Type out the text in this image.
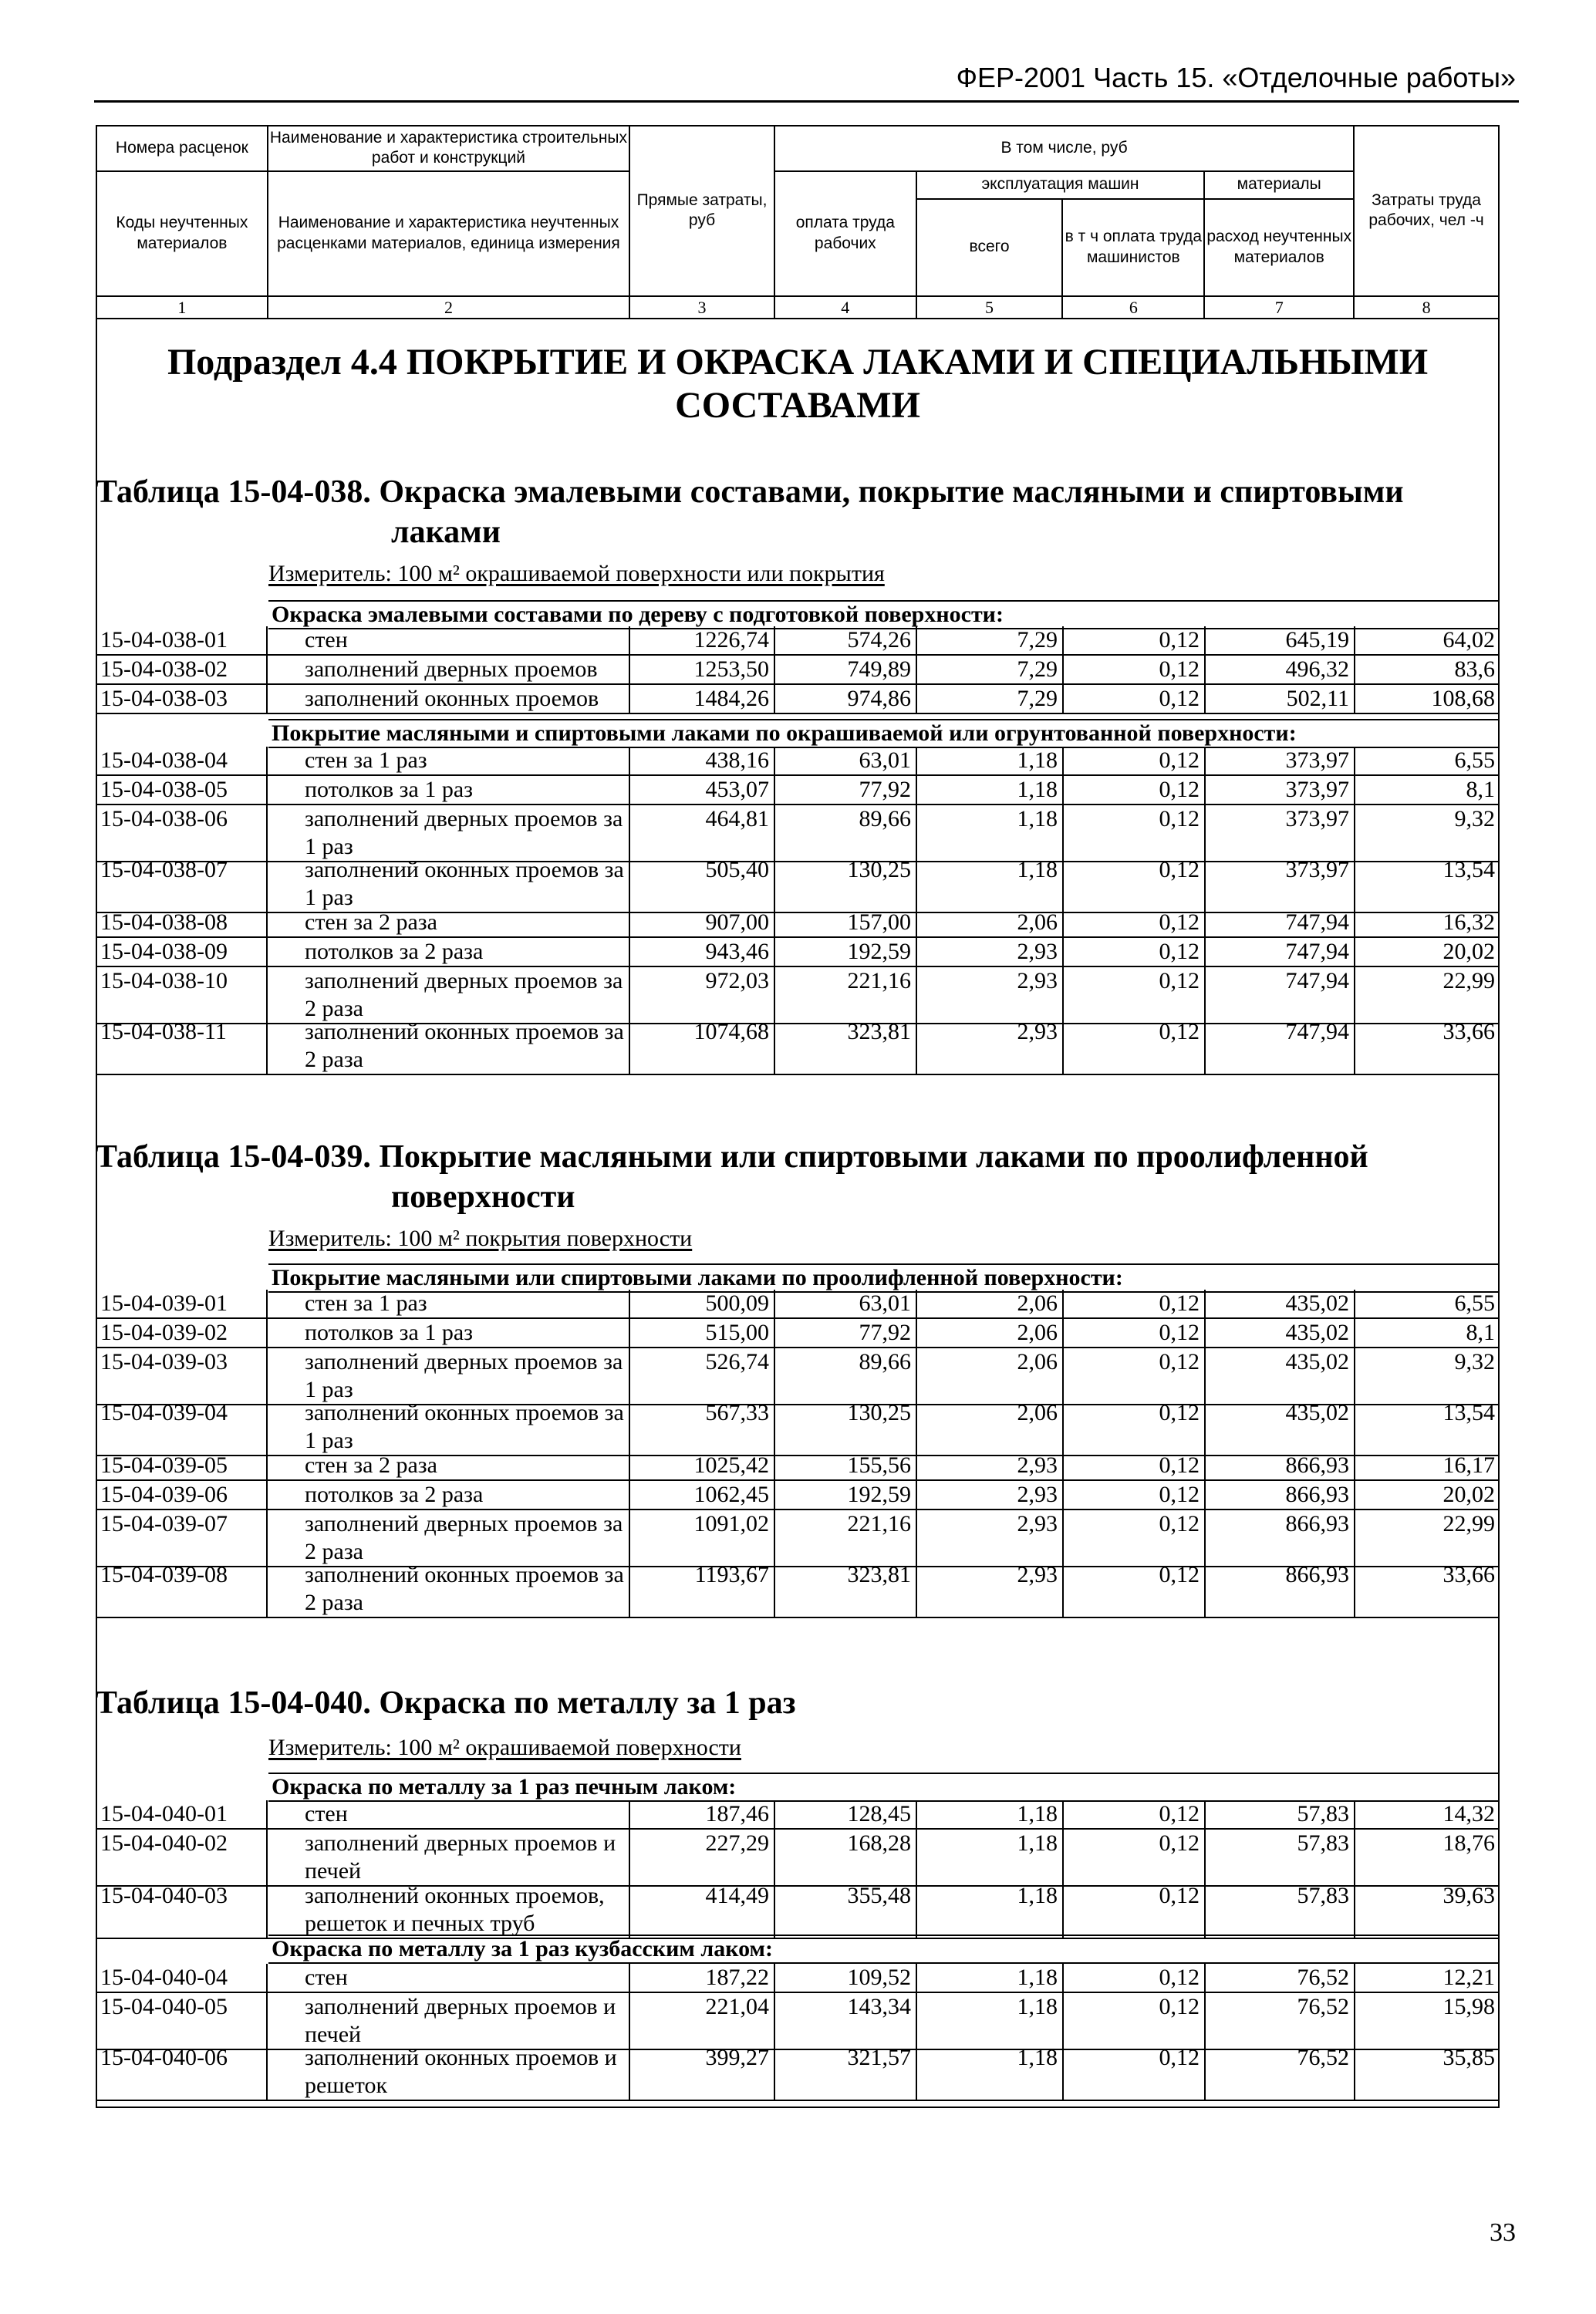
ФЕР-2001 Часть 15. «Отделочные работы»
Номера расценок	Наименование и характеристика строительных работ и конструкций	Прямые затраты, руб	В том числе, руб				Затраты труда рабочих, чел -ч
Коды неучтенных материалов	Наименование и характеристика неучтенных расценками материалов, единица измерения		оплата труда рабочих	эксплуатация машин		материалы	
				всего	в т ч оплата труда машинистов	расход неучтенных материалов	
1	2	3	4	5	6	7	8
Подраздел 4.4 ПОКРЫТИЕ И ОКРАСКА ЛАКАМИ И СПЕЦИАЛЬНЫМИ СОСТАВАМИ
Таблица 15-04-038. Окраска эмалевыми составами, покрытие масляными и спиртовыми
лаками
Измеритель: 100 м² окрашиваемой поверхности или покрытия
Окраска эмалевыми составами по дереву с подготовкой поверхности:
15-04-038-01	стен	1226,74	574,26	7,29	0,12	645,19	64,02
15-04-038-02	заполнений дверных проемов	1253,50	749,89	7,29	0,12	496,32	83,6
15-04-038-03	заполнений оконных проемов	1484,26	974,86	7,29	0,12	502,11	108,68
Покрытие масляными и спиртовыми лаками по окрашиваемой или огрунтованной поверхности:
15-04-038-04	стен за 1 раз	438,16	63,01	1,18	0,12	373,97	6,55
15-04-038-05	потолков за 1 раз	453,07	77,92	1,18	0,12	373,97	8,1
15-04-038-06	заполнений дверных проемов за 1 раз	464,81	89,66	1,18	0,12	373,97	9,32
15-04-038-07	заполнений оконных проемов за 1 раз	505,40	130,25	1,18	0,12	373,97	13,54
15-04-038-08	стен за 2 раза	907,00	157,00	2,06	0,12	747,94	16,32
15-04-038-09	потолков за 2 раза	943,46	192,59	2,93	0,12	747,94	20,02
15-04-038-10	заполнений дверных проемов за 2 раза	972,03	221,16	2,93	0,12	747,94	22,99
15-04-038-11	заполнений оконных проемов за 2 раза	1074,68	323,81	2,93	0,12	747,94	33,66
Таблица 15-04-039. Покрытие масляными или спиртовыми лаками по проолифленной
поверхности
Измеритель: 100 м² покрытия поверхности
Покрытие масляными или спиртовыми лаками по проолифленной поверхности:
15-04-039-01	стен за 1 раз	500,09	63,01	2,06	0,12	435,02	6,55
15-04-039-02	потолков за 1 раз	515,00	77,92	2,06	0,12	435,02	8,1
15-04-039-03	заполнений дверных проемов за 1 раз	526,74	89,66	2,06	0,12	435,02	9,32
15-04-039-04	заполнений оконных проемов за 1 раз	567,33	130,25	2,06	0,12	435,02	13,54
15-04-039-05	стен за 2 раза	1025,42	155,56	2,93	0,12	866,93	16,17
15-04-039-06	потолков за 2 раза	1062,45	192,59	2,93	0,12	866,93	20,02
15-04-039-07	заполнений дверных проемов за 2 раза	1091,02	221,16	2,93	0,12	866,93	22,99
15-04-039-08	заполнений оконных проемов за 2 раза	1193,67	323,81	2,93	0,12	866,93	33,66
Таблица 15-04-040. Окраска по металлу за 1 раз
Измеритель: 100 м² окрашиваемой поверхности
Окраска по металлу за 1 раз печным лаком:
15-04-040-01	стен	187,46	128,45	1,18	0,12	57,83	14,32
15-04-040-02	заполнений дверных проемов и печей	227,29	168,28	1,18	0,12	57,83	18,76
15-04-040-03	заполнений оконных проемов, решеток и печных труб	414,49	355,48	1,18	0,12	57,83	39,63
Окраска по металлу за 1 раз кузбасским лаком:
15-04-040-04	стен	187,22	109,52	1,18	0,12	76,52	12,21
15-04-040-05	заполнений дверных проемов и печей	221,04	143,34	1,18	0,12	76,52	15,98
15-04-040-06	заполнений оконных проемов и решеток	399,27	321,57	1,18	0,12	76,52	35,85
33
